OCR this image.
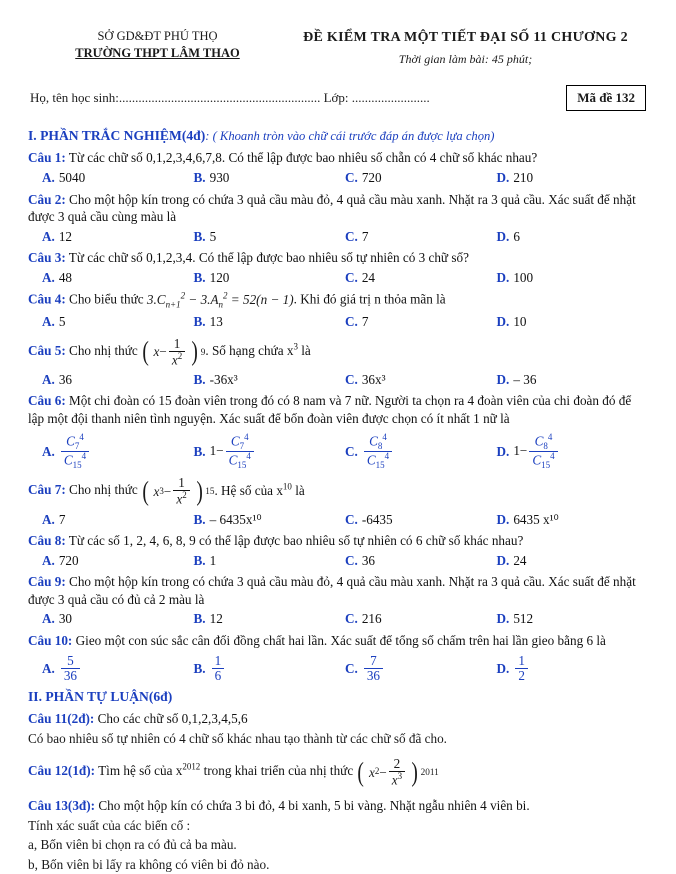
SỞ GD&ĐT PHÚ THỌ
TRƯỜNG THPT LÂM THAO
ĐỀ KIỂM TRA MỘT TIẾT ĐẠI SỐ 11 CHƯƠNG 2
Thời gian làm bài: 45 phút;
Họ, tên học sinh:.............................................................. Lớp: ........................	Mã đề 132
I. PHẦN TRẮC NGHIỆM(4đ): ( Khoanh tròn vào chữ cái trước đáp án được lựa chọn)
Câu 1: Từ các chữ số 0,1,2,3,4,6,7,8. Có thể lập được bao nhiêu số chẵn có 4 chữ số khác nhau?
A. 5040	B. 930	C. 720	D. 210
Câu 2: Cho một hộp kín trong có chứa 3 quả cầu màu đỏ, 4 quả cầu màu xanh. Nhặt ra 3 quả cầu. Xác suất để nhặt được 3 quả cầu cùng màu là
A. 12	B. 5	C. 7	D. 6
Câu 3: Từ các chữ số 0,1,2,3,4. Có thể lập được bao nhiêu số tự nhiên có 3 chữ số?
A. 48	B. 120	C. 24	D. 100
Câu 4: Cho biểu thức $3.C_{n+1}^2 - 3.A_n^2 = 52(n - 1)$. Khi đó giá trị n thỏa mãn là
A. 5	B. 13	C. 7	D. 10
Câu 5: Cho nhị thức (
$x - \frac{1}{x^2}$
) 9 . Số hạng chứa $x^3$ là
A. 36	B. -36x³	C. 36x³	D. – 36
Câu 6: Một chi đoàn có 15 đoàn viên trong đó có 8 nam và 7 nữ. Người ta chọn ra 4 đoàn viên của chi đoàn đó để lập một đội thanh niên tình nguyện. Xác suất để bốn đoàn viên được chọn có ít nhất 1 nữ là
A. $\frac{C_7^4}{C_{15}^4}$	B. $1- \frac{C_7^4}{C_{15}^4}$	C. $\frac{C_8^4}{C_{15}^4}$	D. $1- \frac{C_8^4}{C_{15}^4}$
Câu 7: Cho nhị thức (
x $3 - \frac{1}{x^2}$
) 15 . Hệ số của $x^{10}$ là
A. 7	B. – 6435x¹⁰	C. -6435	D. 6435 x¹⁰
Câu 8: Từ các số 1, 2, 4, 6, 8, 9 có thể lập được bao nhiêu số tự nhiên có 6 chữ số khác nhau?
A. 720	B. 1	C. 36	D. 24
Câu 9: Cho một hộp kín trong có chứa 3 quả cầu màu đỏ, 4 quả cầu màu xanh. Nhặt ra 3 quả cầu. Xác suất để nhặt được 3 quả cầu có đủ cả 2 màu là
A. 30	B. 12	C. 216	D. 512
Câu 10: Gieo một con súc sắc cân đối đồng chất hai lần. Xác suất để tổng số chấm trên hai lần gieo bằng 6 là
A. $\frac{5}{36}$	B. $\frac{1}{6}$	C. $\frac{7}{36}$	D. $\frac{1}{2}$
II. PHẦN TỰ LUẬN(6đ)
Câu 11(2đ): Cho các chữ số 0,1,2,3,4,5,6
Có bao nhiêu số tự nhiên có 4 chữ số khác nhau tạo thành từ các chữ số đã cho.
Câu 12(1đ): Tìm hệ số của $x^{2012}$ trong khai triển của nhị thức (
x $2 - \frac{2}{x^3}$
) 2011
Câu 13(3đ): Cho một hộp kín có chứa 3 bi đỏ, 4 bi xanh, 5 bi vàng. Nhặt ngẫu nhiên 4 viên bi.
Tính xác suất của các biến cố :
a, Bốn viên bi chọn ra có đủ cả ba màu.
b, Bốn viên bi lấy ra không có viên bi đỏ nào.
